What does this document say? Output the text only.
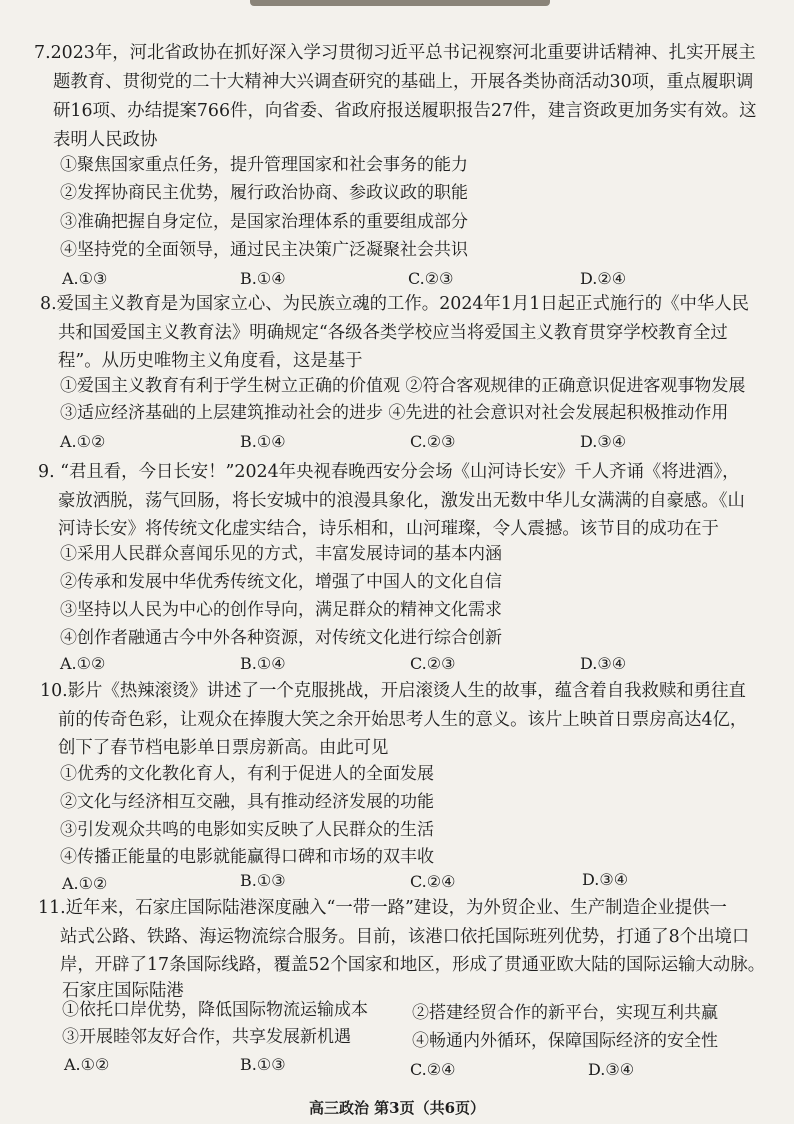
7.2023年，河北省政协在抓好深入学习贯彻习近平总书记视察河北重要讲话精神、扎实开展主
题教育、贯彻党的二十大精神大兴调查研究的基础上，开展各类协商活动30项，重点履职调
研16项、办结提案766件，向省委、省政府报送履职报告27件，建言资政更加务实有效。这
表明人民政协
①聚焦国家重点任务，提升管理国家和社会事务的能力
②发挥协商民主优势，履行政治协商、参政议政的职能
③准确把握自身定位，是国家治理体系的重要组成部分
④坚持党的全面领导，通过民主决策广泛凝聚社会共识
A.①③	B.①④	C.②③	D.②④
8.爱国主义教育是为国家立心、为民族立魂的工作。2024年1月1日起正式施行的《中华人民
共和国爱国主义教育法》明确规定“各级各类学校应当将爱国主义教育贯穿学校教育全过
程”。从历史唯物主义角度看，这是基于
①爱国主义教育有利于学生树立正确的价值观 ②符合客观规律的正确意识促进客观事物发展
③适应经济基础的上层建筑推动社会的进步 ④先进的社会意识对社会发展起积极推动作用
A.①②	B.①④	C.②③	D.③④
9. “君且看，今日长安！”2024年央视春晚西安分会场《山河诗长安》千人齐诵《将进酒》，
豪放洒脱，荡气回肠，将长安城中的浪漫具象化，激发出无数中华儿女满满的自豪感。《山
河诗长安》将传统文化虚实结合，诗乐相和，山河璀璨，令人震撼。该节目的成功在于
①采用人民群众喜闻乐见的方式，丰富发展诗词的基本内涵
②传承和发展中华优秀传统文化，增强了中国人的文化自信
③坚持以人民为中心的创作导向，满足群众的精神文化需求
④创作者融通古今中外各种资源，对传统文化进行综合创新
A.①②	B.①④	C.②③	D.③④
10.影片《热辣滚烫》讲述了一个克服挑战，开启滚烫人生的故事，蕴含着自我救赎和勇往直
前的传奇色彩，让观众在捧腹大笑之余开始思考人生的意义。该片上映首日票房高达4亿，
创下了春节档电影单日票房新高。由此可见
①优秀的文化教化育人，有利于促进人的全面发展
②文化与经济相互交融，具有推动经济发展的功能
③引发观众共鸣的电影如实反映了人民群众的生活
④传播正能量的电影就能赢得口碑和市场的双丰收
A.①②	B.①③	C.②④	D.③④
11.近年来，石家庄国际陆港深度融入“一带一路”建设，为外贸企业、生产制造企业提供一
站式公路、铁路、海运物流综合服务。目前，该港口依托国际班列优势，打通了8个出境口
岸，开辟了17条国际线路，覆盖52个国家和地区，形成了贯通亚欧大陆的国际运输大动脉。
石家庄国际陆港
①依托口岸优势，降低国际物流运输成本	②搭建经贸合作的新平台，实现互利共赢
③开展睦邻友好合作，共享发展新机遇	④畅通内外循环，保障国际经济的安全性
A.①②	B.①③	C.②④	D.③④
高三政治 第3页（共6页）
